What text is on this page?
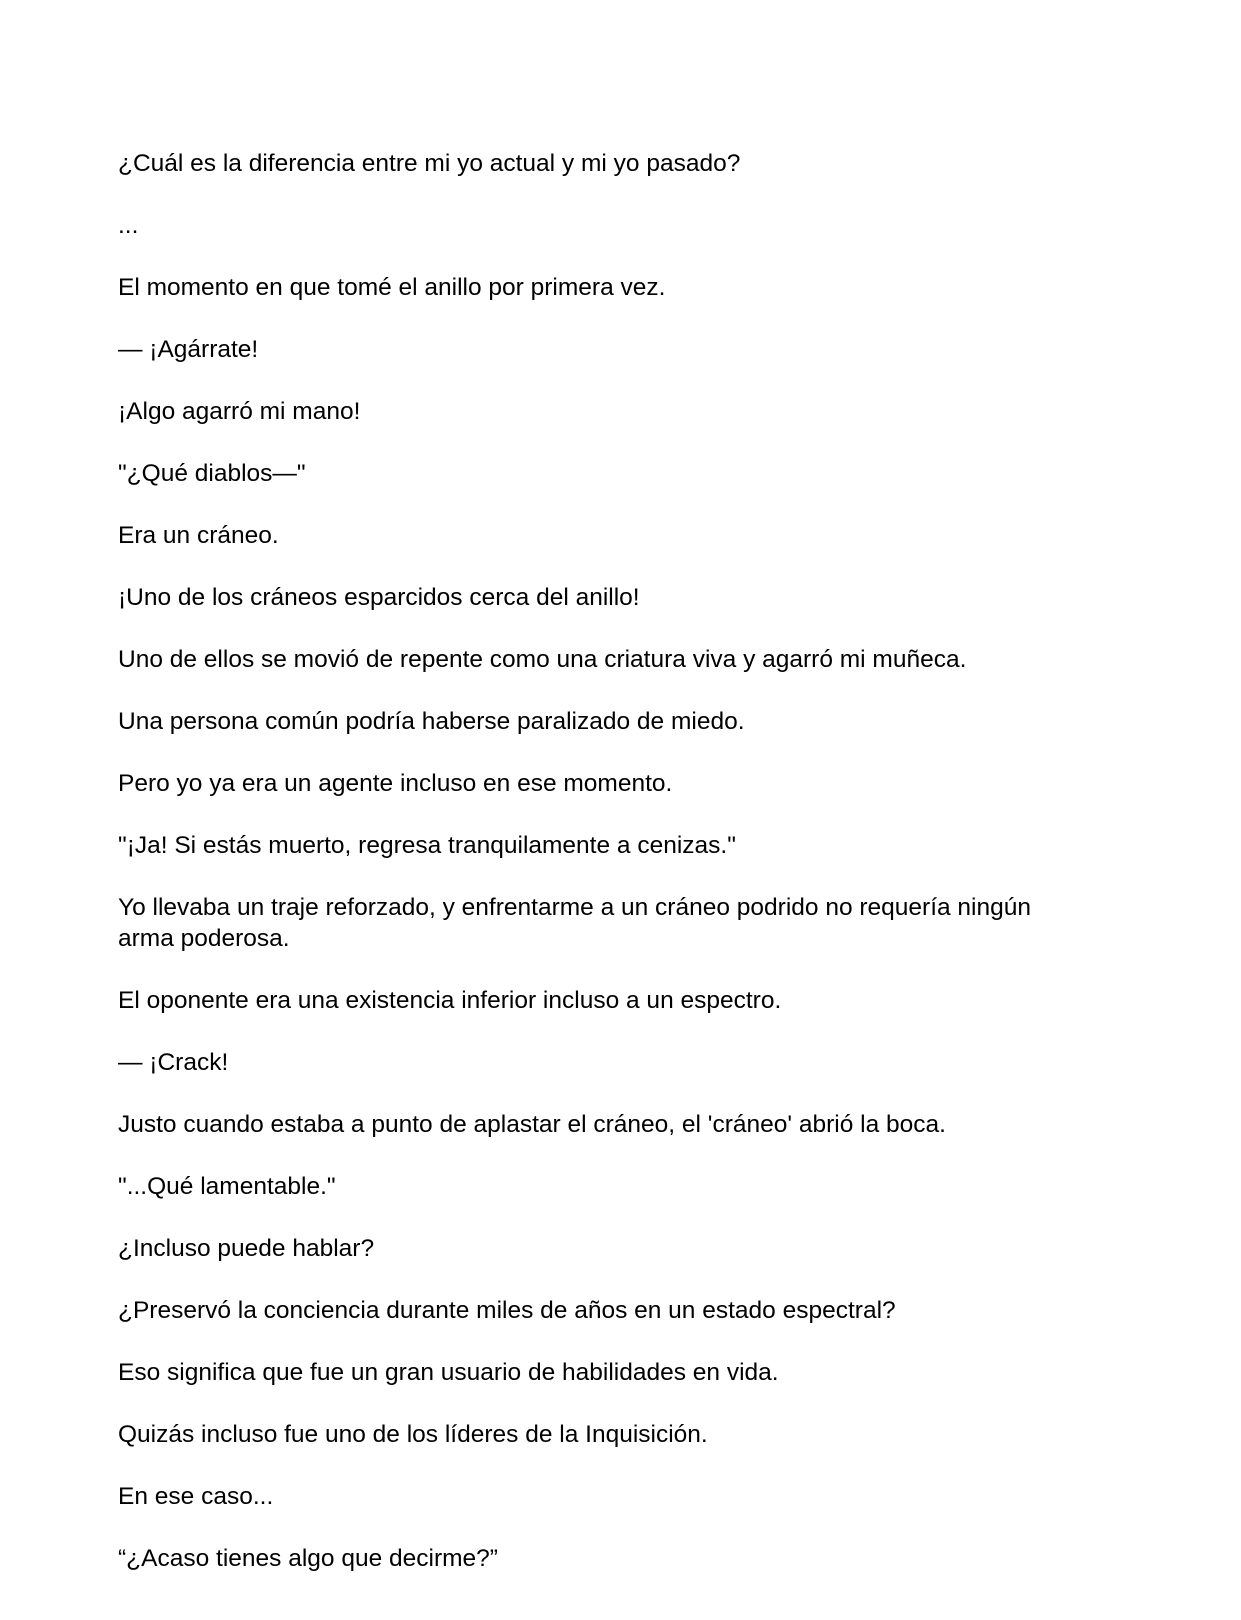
¿Cuál es la diferencia entre mi yo actual y mi yo pasado?

...

El momento en que tomé el anillo por primera vez.

— ¡Agárrate!

¡Algo agarró mi mano!

"¿Qué diablos—"

Era un cráneo.

¡Uno de los cráneos esparcidos cerca del anillo!

Uno de ellos se movió de repente como una criatura viva y agarró mi muñeca.

Una persona común podría haberse paralizado de miedo.

Pero yo ya era un agente incluso en ese momento.

"¡Ja! Si estás muerto, regresa tranquilamente a cenizas."

Yo llevaba un traje reforzado, y enfrentarme a un cráneo podrido no requería ningún arma poderosa.

El oponente era una existencia inferior incluso a un espectro.

— ¡Crack!

Justo cuando estaba a punto de aplastar el cráneo, el 'cráneo' abrió la boca.

"...Qué lamentable."

¿Incluso puede hablar?

¿Preservó la conciencia durante miles de años en un estado espectral?

Eso significa que fue un gran usuario de habilidades en vida.

Quizás incluso fue uno de los líderes de la Inquisición.

En ese caso...

“¿Acaso tienes algo que decirme?”
